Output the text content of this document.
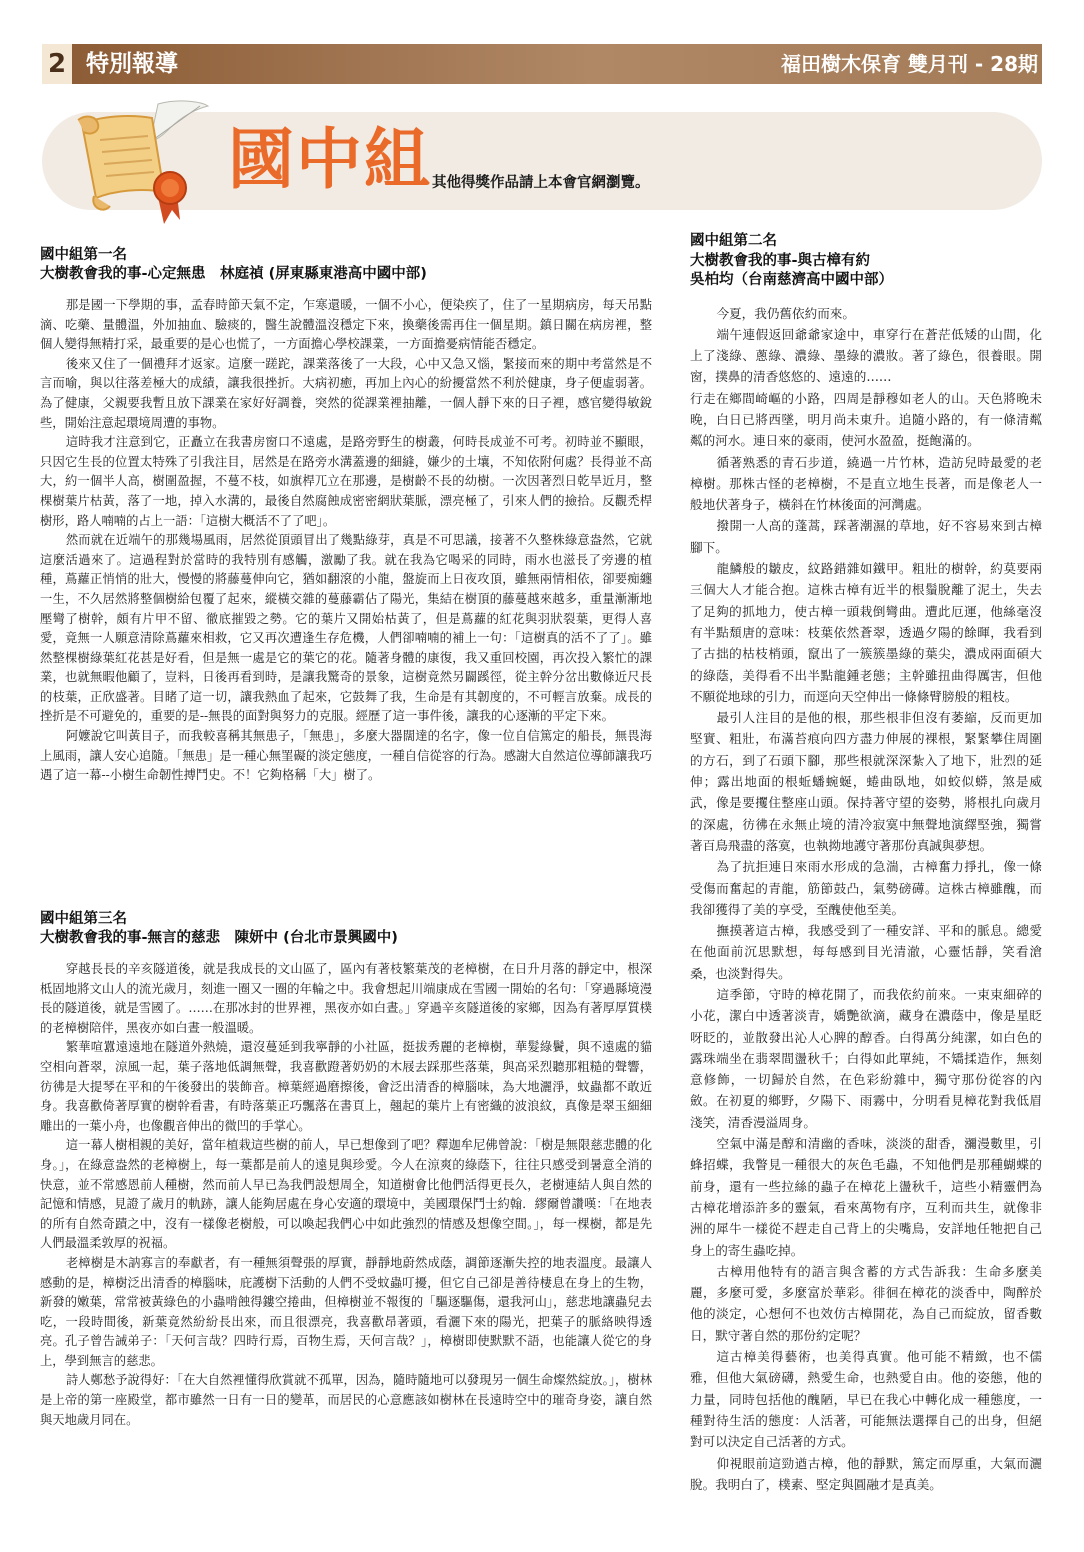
2 特別報導	福田樹木保育 雙月刊 - 28期
國中組 其他得獎作品請上本會官網瀏覽。
國中組第一名
大樹教會我的事-心定無患　林庭禎 (屏東縣東港高中國中部)

那是國一下學期的事，孟春時節天氣不定，乍寒還暖，一個不小心，便染疾了，住了一星期病房，每天吊點滴、吃藥、量體溫，外加抽血、驗痰的，醫生說體溫沒穩定下來，換藥後需再住一個星期。鎮日關在病房裡，整個人變得無精打采，最重要的是心也慌了，一方面擔心學校課業，一方面擔憂病情能否穩定。

後來又住了一個禮拜才返家。這麼一蹉跎，課業落後了一大段，心中又急又惱，緊接而來的期中考當然是不言而喻，與以往落差極大的成績，讓我很挫折。大病初癒，再加上內心的紛擾當然不利於健康，身子便虛弱著。為了健康，父親要我暫且放下課業在家好好調養，突然的從課業裡抽離，一個人靜下來的日子裡，感官變得敏銳些，開始注意起環境周遭的事物。

這時我才注意到它，正矗立在我書房窗口不遠處，是路旁野生的樹叢，何時長成並不可考。初時並不顯眼，只因它生長的位置太特殊了引我注目，居然是在路旁水溝蓋邊的細縫，嫌少的土壤，不知依附何處？長得並不高大，約一個半人高，樹圍盈握，不蔓不枝，如旗桿兀立在那邊，是樹齡不長的幼樹。一次因著烈日乾旱近月，整棵樹葉片枯黃，落了一地，掉入水溝的，最後自然腐蝕成密密網狀葉脈，漂亮極了，引來人們的撿拾。反觀禿桿樹形，路人喃喃的占上一語：「這樹大概活不了了吧」。

然而就在近端午的那幾場風雨，居然從頂頭冒出了幾點綠芽，真是不可思議，接著不久整株綠意盎然，它就這麼活過來了。這過程對於當時的我特別有感觸，激勵了我。就在我為它喝采的同時，雨水也滋長了旁邊的植種，蔦蘿正悄悄的壯大，慢慢的將藤蔓伸向它，猶如翻滾的小龍，盤旋而上日夜攻頂，雖無兩情相依，卻要痴纏一生，不久居然將整個樹給包覆了起來，縱橫交雜的蔓藤霸佔了陽光，集結在樹頂的藤蔓越來越多，重量漸漸地壓彎了樹幹，頗有片甲不留、徹底摧毀之勢。它的葉片又開始枯黃了，但是蔦蘿的紅花與羽狀裂葉，更得人喜愛，竟無一人願意清除蔦蘿來相救，它又再次遭逢生存危機，人們卻喃喃的補上一句：「這樹真的活不了了」。雖然整棵樹綠葉紅花甚是好看，但是無一處是它的葉它的花。隨著身體的康復，我又重回校園，再次投入繁忙的課業，也就無暇他顧了，豈料，日後再看到時，是讓我驚奇的景象，這樹竟然另闢蹊徑，從主幹分岔出數條近尺長的枝葉，正欣盛著。目睹了這一切，讓我熱血了起來，它鼓舞了我，生命是有其韌度的，不可輕言放棄。成長的挫折是不可避免的，重要的是--無畏的面對與努力的克服。經歷了這一事件後，讓我的心逐漸的平定下來。

阿嬤說它叫黃目子，而我較喜稱其無患子，「無患」，多麼大器闊達的名字，像一位自信篤定的船長，無畏海上風雨，讓人安心追隨。「無患」是一種心無罣礙的淡定態度，一種自信從容的行為。感謝大自然這位導師讓我巧遇了這一幕--小樹生命韌性搏鬥史。不！它夠格稱「大」樹了。

國中組第三名
大樹教會我的事-無言的慈悲　陳妍中 (台北市景興國中)

穿越長長的辛亥隧道後，就是我成長的文山區了，區內有著枝繁葉茂的老樟樹，在日升月落的靜定中，根深柢固地將文山人的流光歲月，刻進一圈又一圈的年輪之中。我會想起川端康成在雪國一開始的名句：「穿過縣境漫長的隧道後，就是雪國了。……在那冰封的世界裡，黑夜亦如白晝。」穿過辛亥隧道後的家鄉，因為有著厚厚質樸的老樟樹陪伴，黑夜亦如白晝一般溫暖。

繁華喧囂遠遠地在隧道外熱燒，還沒蔓延到我寧靜的小社區，挺拔秀麗的老樟樹，華髮綠鬢，與不遠處的貓空相向蒼翠，涼風一起，葉子落地低調無聲，我喜歡蹬著奶奶的木屐去踩那些落葉，與高采烈聽那粗糙的聲響，彷彿是大提琴在平和的午後發出的裝飾音。樟葉經過磨擦後，會泛出清香的樟腦味，為大地灑淨，蚊蟲都不敢近身。我喜歡倚著厚實的樹幹看書，有時落葉正巧飄落在書頁上，翹起的葉片上有密織的波浪紋，真像是翠玉細細雕出的一葉小舟，也像觀音伸出的微凹的手掌心。

這一幕人樹相親的美好，當年植栽這些樹的前人，早已想像到了吧？釋迦牟尼佛曾說：「樹是無限慈悲體的化身。」，在綠意盎然的老樟樹上，每一葉都是前人的遠見與珍愛。今人在涼爽的綠蔭下，往往只感受到暑意全消的快意，並不常感恩前人種樹，然而前人早已為我們設想周全，知道樹會比他們活得更長久，老樹連結人與自然的記憶和情感，見證了歲月的軌跡，讓人能夠居處在身心安適的環境中，美國環保鬥士約翰．繆爾曾讚嘆：「在地表的所有自然奇蹟之中，沒有一樣像老樹般，可以喚起我們心中如此強烈的情感及想像空間。」，每一棵樹，都是先人們最溫柔敦厚的祝福。

老樟樹是木訥寡言的奉獻者，有一種無須聲張的厚實，靜靜地蔚然成蔭，調節逐漸失控的地表溫度。最讓人感動的是，樟樹泛出清香的樟腦味，庇護樹下活動的人們不受蚊蟲叮擾，但它自己卻是善待棲息在身上的生物，新發的嫩葉，常常被黃綠色的小蟲啃蝕得鏤空捲曲，但樟樹並不報復的「驅逐驅傷，還我河山」，慈悲地讓蟲兒去吃，一段時間後，新葉竟然紛紛長出來，而且很漂亮，我喜歡昂著頭，看灑下來的陽光，把葉子的脈絡映得透亮。孔子曾告誡弟子：「天何言哉？四時行焉，百物生焉，天何言哉？」，樟樹即使默默不語，也能讓人從它的身上，學到無言的慈悲。

詩人鄭愁予說得好：「在大自然裡懂得欣賞就不孤單，因為，隨時隨地可以發現另一個生命燦然綻放。」，樹林是上帝的第一座殿堂，都市雖然一日有一日的變革，而居民的心意應該如樹林在長遠時空中的璀奇身姿，讓自然與天地歲月同在。

國中組第二名
大樹教會我的事-與古樟有約
吳柏均（台南慈濟高中國中部）

今夏，我仍舊依約而來。

端午連假返回爺爺家途中，車穿行在蒼茫低矮的山間，化上了淺綠、蔥綠、濃綠、墨綠的濃妝。著了綠色，很養眼。開窗，撲鼻的清香悠悠的、遠遠的……

行走在鄉間崎嶇的小路，四周是靜穆如老人的山。天色將晚未晚，白日已將西墜，明月尚未東升。追隨小路的，有一條清粼粼的河水。連日來的豪雨，使河水盈盈，挺飽滿的。

循著熟悉的青石步道，繞過一片竹林，造訪兒時最愛的老樟樹。那株古怪的老樟樹，不是直立地生長著，而是像老人一般地伏著身子，橫斜在竹林後面的河灣處。

撥開一人高的蓬蒿，踩著潮濕的草地，好不容易來到古樟腳下。

龍鱗般的皺皮，紋路錯雜如鐵甲。粗壯的樹幹，約莫要兩三個大人才能合抱。這株古樟有近半的根鬚脫離了泥土，失去了足夠的抓地力，使古樟一頭栽倒彎曲。遭此厄運，他絲毫沒有半點頹唐的意味：枝葉依然蒼翠，透過夕陽的餘暉，我看到了古拙的枯枝梢頭，竄出了一簇簇墨綠的葉尖，濃成兩面碩大的綠蔭，美得看不出半點龍鍾老態；主幹雖扭曲得厲害，但他不願從地球的引力，而逕向天空伸出一條條臂膀般的粗枝。

最引人注目的是他的根，那些根非但沒有萎縮，反而更加堅實、粗壯，布滿苔痕向四方盡力伸展的裸根，緊緊攀住周圍的方石，到了石頭下腳，那些根就深深紮入了地下，壯烈的延伸；露出地面的根蚯蟠蜿蜒，蜷曲臥地，如蛟似蟒，煞是威武，像是要攫住整座山頭。保持著守望的姿勢，將根扎向歲月的深處，彷彿在永無止境的清冷寂寞中無聲地演繹堅強，獨嘗著百鳥飛盡的落寞，也執拗地護守著那份真誠與夢想。

為了抗拒連日來雨水形成的急湍，古樟奮力掙扎，像一條受傷而奮起的青龍，筋節鼓凸，氣勢磅礡。這株古樟雖醜，而我卻獲得了美的享受，至醜使他至美。

撫摸著這古樟，我感受到了一種安詳、平和的脈息。總愛在他面前沉思默想，每每感到目光清澈，心靈恬靜，笑看滄桑，也淡對得失。

這季節，守時的樟花開了，而我依約前來。一束束細碎的小花，潔白中透著淡青，嬌艷欲滴，藏身在濃蔭中，像是星眨呀眨的，並散發出沁人心脾的醇香。白得萬分純潔，如白色的露珠端坐在翡翠間盪秋千；白得如此單純，不矯揉造作，無刻意修飾，一切歸於自然，在色彩紛雜中，獨守那份從容的內斂。在初夏的鄉野，夕陽下、雨霧中，分明看見樟花對我低眉淺笑，清香漫溢周身。

空氣中滿是醇和清幽的香味，淡淡的甜香，瀰漫數里，引蜂招蝶，我瞥見一種很大的灰色毛蟲，不知他們是那種蝴蝶的前身，還有一些拉絲的蟲子在樟花上盪秋千，這些小精靈們為古樟花增添許多的靈氣，看來萬物有序，互利而共生，就像非洲的犀牛一樣從不趕走自己背上的尖嘴鳥，安詳地任牠把自己身上的寄生蟲吃掉。

古樟用他特有的語言與含蓄的方式告訴我：生命多麼美麗，多麼可愛，多麼富於華彩。徘徊在樟花的淡香中，陶醉於他的淡定，心想何不也效仿古樟開花，為自己而綻放，留香數日，默守著自然的那份約定呢？

這古樟美得藝術，也美得真實。他可能不精緻，也不儒雅，但他大氣磅礴，熱愛生命，也熱愛自由。他的姿態，他的力量，同時包括他的醜陋，早已在我心中轉化成一種態度，一種對待生活的態度：人活著，可能無法選擇自己的出身，但絕對可以決定自己活著的方式。

仰視眼前這勁遒古樟，他的靜默，篤定而厚重，大氣而灑脫。我明白了，樸素、堅定與圓融才是真美。
